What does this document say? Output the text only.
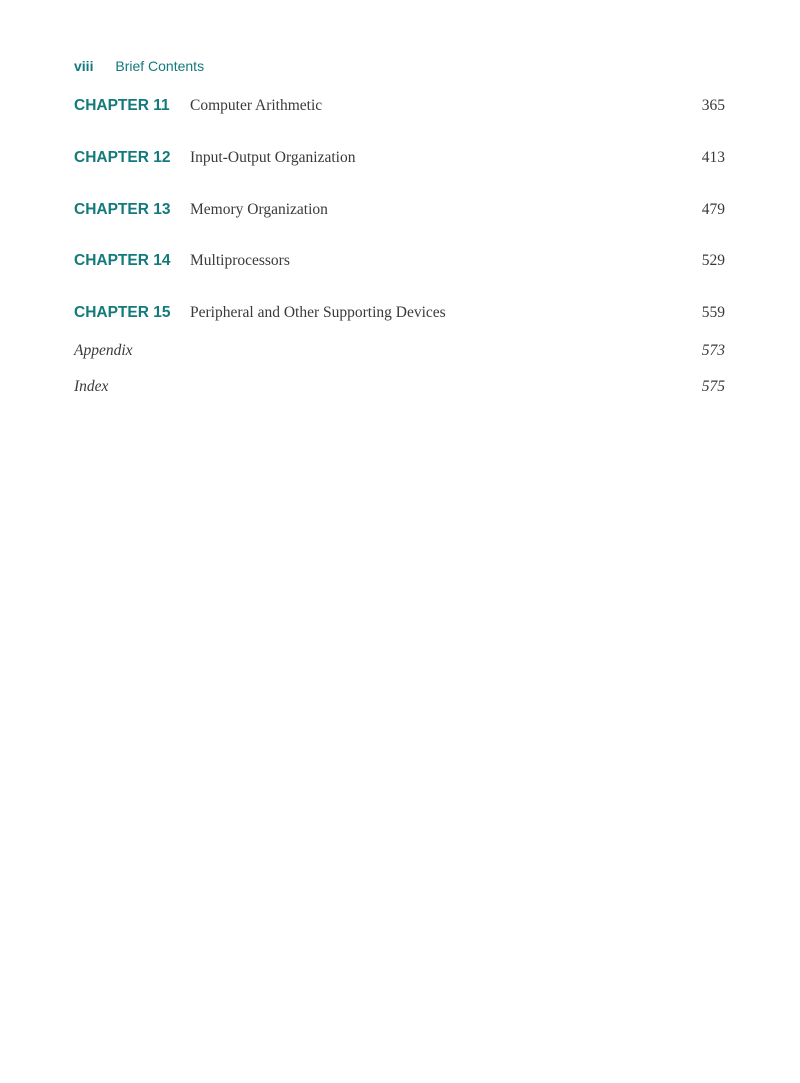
viii Brief Contents
CHAPTER 11 Computer Arithmetic	365
CHAPTER 12 Input-Output Organization	413
CHAPTER 13 Memory Organization	479
CHAPTER 14 Multiprocessors	529
CHAPTER 15 Peripheral and Other Supporting Devices	559
Appendix	573
Index	575
